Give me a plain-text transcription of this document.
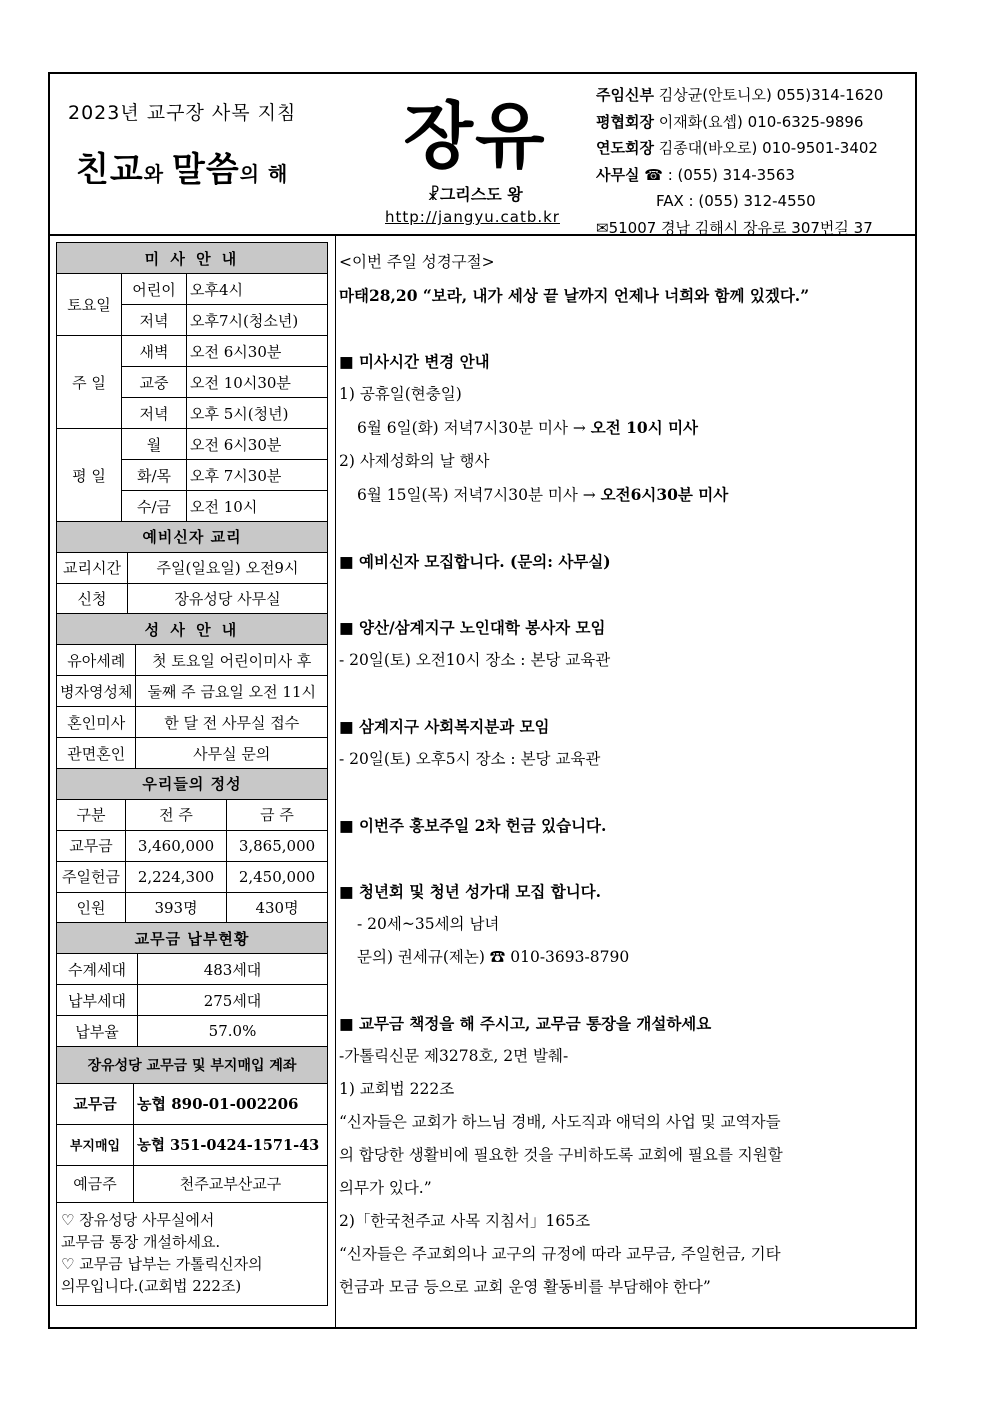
2023년 교구장 사목 지침
친교와 말씀의 해 장유
☧그리스도 왕
http://jangyu.catb.kr
주임신부 김상균(안토니오) 055)314-1620
평협회장 이재화(요셉) 010-6325-9896
연도회장 김종대(바오로) 010-9501-3402
사무실 ☎ : (055) 314-3563
FAX : (055) 312-4550
✉51007 경남 김해시 장유로 307번길 37
미 사 안 내		
토요일	어린이	오후4시
	저녁	오후7시(청소년)
주 일	새벽	오전 6시30분
	교중	오전 10시30분
	저녁	오후 5시(청년)
평 일	월	오전 6시30분
	화/목	오후 7시30분
	수/금	오전 10시
예비신자 교리	
교리시간	주일(일요일) 오전9시
신청	장유성당 사무실
성 사 안 내	
유아세례	첫 토요일 어린이미사 후
병자영성체	둘째 주 금요일 오전 11시
혼인미사	한 달 전 사무실 접수
관면혼인	사무실 문의
우리들의 정성		
구분	전 주	금 주
교무금	3,460,000	3,865,000
주일헌금	2,224,300	2,450,000
인원	393명	430명
교무금 납부현황	
수계세대	483세대
납부세대	275세대
납부율	57.0%
장유성당 교무금 및 부지매입 계좌	
교무금	농협 890-01-002206
부지매입	농협 351-0424-1571-43
예금주	천주교부산교구
♡ 장유성당 사무실에서
교무금 통장 개설하세요.
♡ 교무금 납부는 가톨릭신자의
의무입니다.(교회법 222조)
<이번 주일 성경구절>
마태28,20 “보라, 내가 세상 끝 날까지 언제나 너희와 함께 있겠다.”
■ 미사시간 변경 안내
1) 공휴일(현충일)
6월 6일(화) 저녁7시30분 미사 → 오전 10시 미사
2) 사제성화의 날 행사
6월 15일(목) 저녁7시30분 미사 → 오전6시30분 미사
■ 예비신자 모집합니다. (문의: 사무실)
■ 양산/삼계지구 노인대학 봉사자 모임
- 20일(토) 오전10시 장소 : 본당 교육관
■ 삼계지구 사회복지분과 모임
- 20일(토) 오후5시 장소 : 본당 교육관
■ 이번주 홍보주일 2차 헌금 있습니다.
■ 청년회 및 청년 성가대 모집 합니다.
- 20세~35세의 남녀
문의) 권세규(제논) ☎ 010-3693-8790
■ 교무금 책정을 해 주시고, 교무금 통장을 개설하세요
-가톨릭신문 제3278호, 2면 발췌-
1) 교회법 222조
“신자들은 교회가 하느님 경배, 사도직과 애덕의 사업 및 교역자들
의 합당한 생활비에 필요한 것을 구비하도록 교회에 필요를 지원할
의무가 있다.”
2)「한국천주교 사목 지침서」165조
“신자들은 주교회의나 교구의 규정에 따라 교무금, 주일헌금, 기타
헌금과 모금 등으로 교회 운영 활동비를 부담해야 한다”
